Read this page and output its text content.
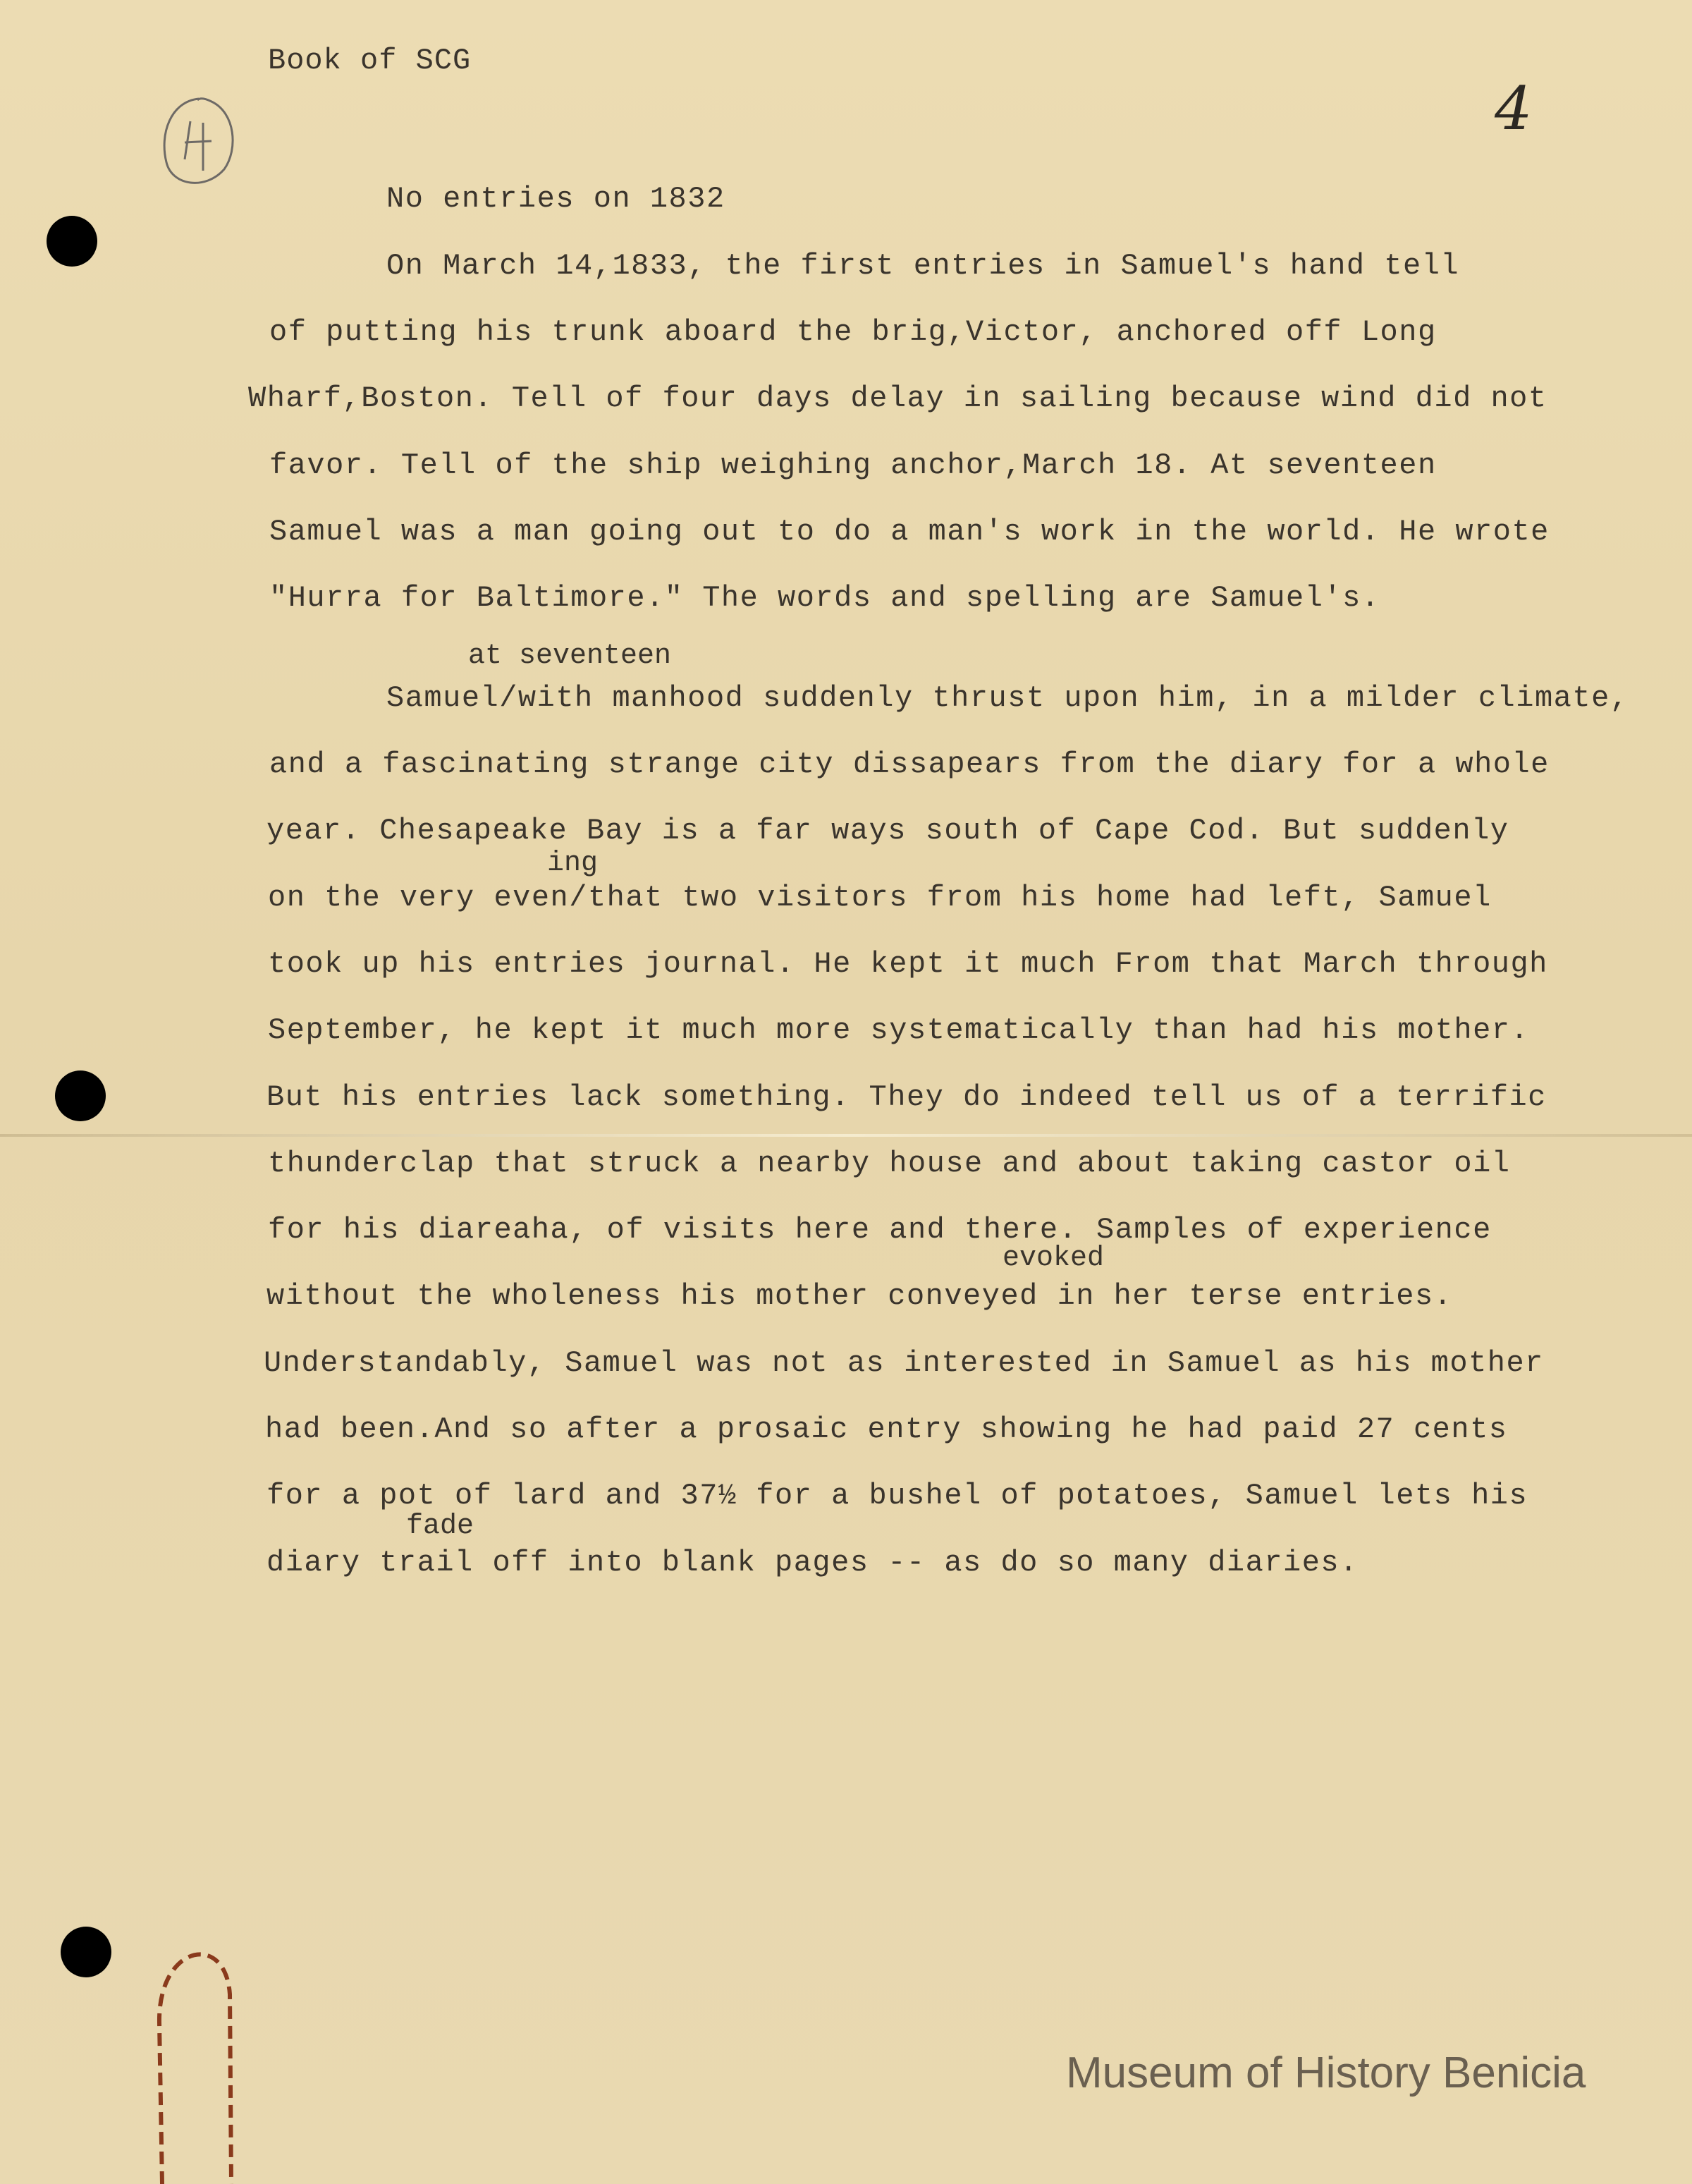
Book of SCG
4
No entries on 1832
On March 14,1833, the first entries in Samuel's hand tell
of putting his trunk aboard the brig,Victor, anchored off Long
Wharf,Boston. Tell of four days delay in sailing because wind did not
favor. Tell of the ship weighing anchor,March 18. At seventeen
Samuel was a man going out to do a man's work in the world. He wrote
"Hurra for Baltimore." The words and spelling are Samuel's.
at seventeen
Samuel/with manhood suddenly thrust upon him, in a milder climate,
and a fascinating strange city dissapears from the diary for a whole
year. Chesapeake Bay is a far ways south of Cape Cod. But suddenly
ing
on the very even/that two visitors from his home had left, Samuel
took up his entries journal. He kept it much From that March through
September, he kept it much more systematically than had his mother.
But his entries lack something. They do indeed tell us of a terrific
thunderclap that struck a nearby house and about taking castor oil
for his diareaha, of visits here and there. Samples of experience
evoked
without the wholeness his mother conveyed in her terse entries.
Understandably, Samuel was not as interested in Samuel as his mother
had been.And so after a prosaic entry showing he had paid 27 cents
for a pot of lard and 37½ for a bushel of potatoes, Samuel lets his
fade
diary trail off into blank pages -- as do so many diaries.
Museum of History Benicia
